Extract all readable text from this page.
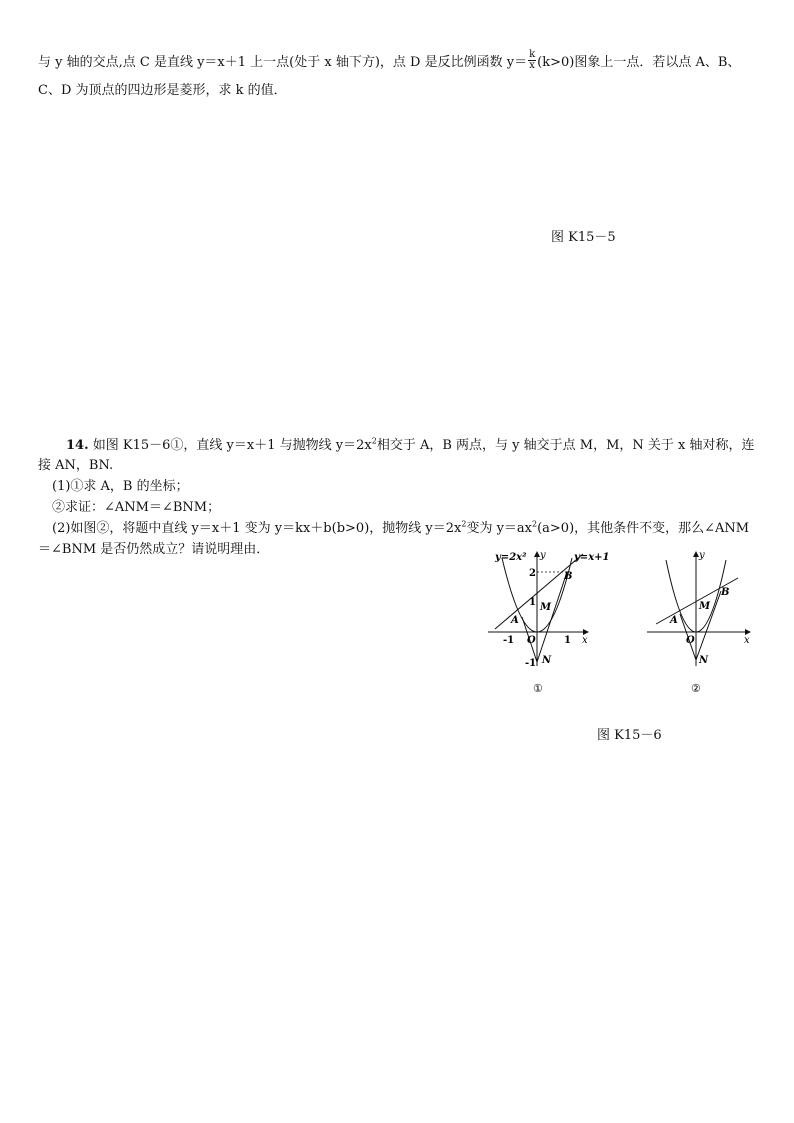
与 y 轴的交点,点 C 是直线 y＝x＋1 上一点(处于 x 轴下方)，点 D 是反比例函数 $y= \frac{k}{x} (k>0)$图象上一点．若以点 A、B、
C、D 为顶点的四边形是菱形，求 k 的值．
图 K15－5
14. 如图 K15－6①，直线 y＝x＋1 与抛物线 $y=2x^2$相交于 A，B 两点，与 y 轴交于点 M，M，N 关于 x 轴对称，连
接 AN，BN.
(1)①求 A，B 的坐标；
②求证：∠ANM＝∠BNM；
(2)如图②，将题中直线 y＝x＋1 变为 y＝kx＋b(b>0)，抛物线 $y=2x^2$变为 $y=ax^2(a>0)$，其他条件不变，那么∠ANM
＝∠BNM 是否仍然成立？请说明理由．
y=2x²	y=x+1
y
x
2
1
-1	1
-1
A
B
M
N
O
①
y
x
A
B
M
N
O
②
图 K15－6
